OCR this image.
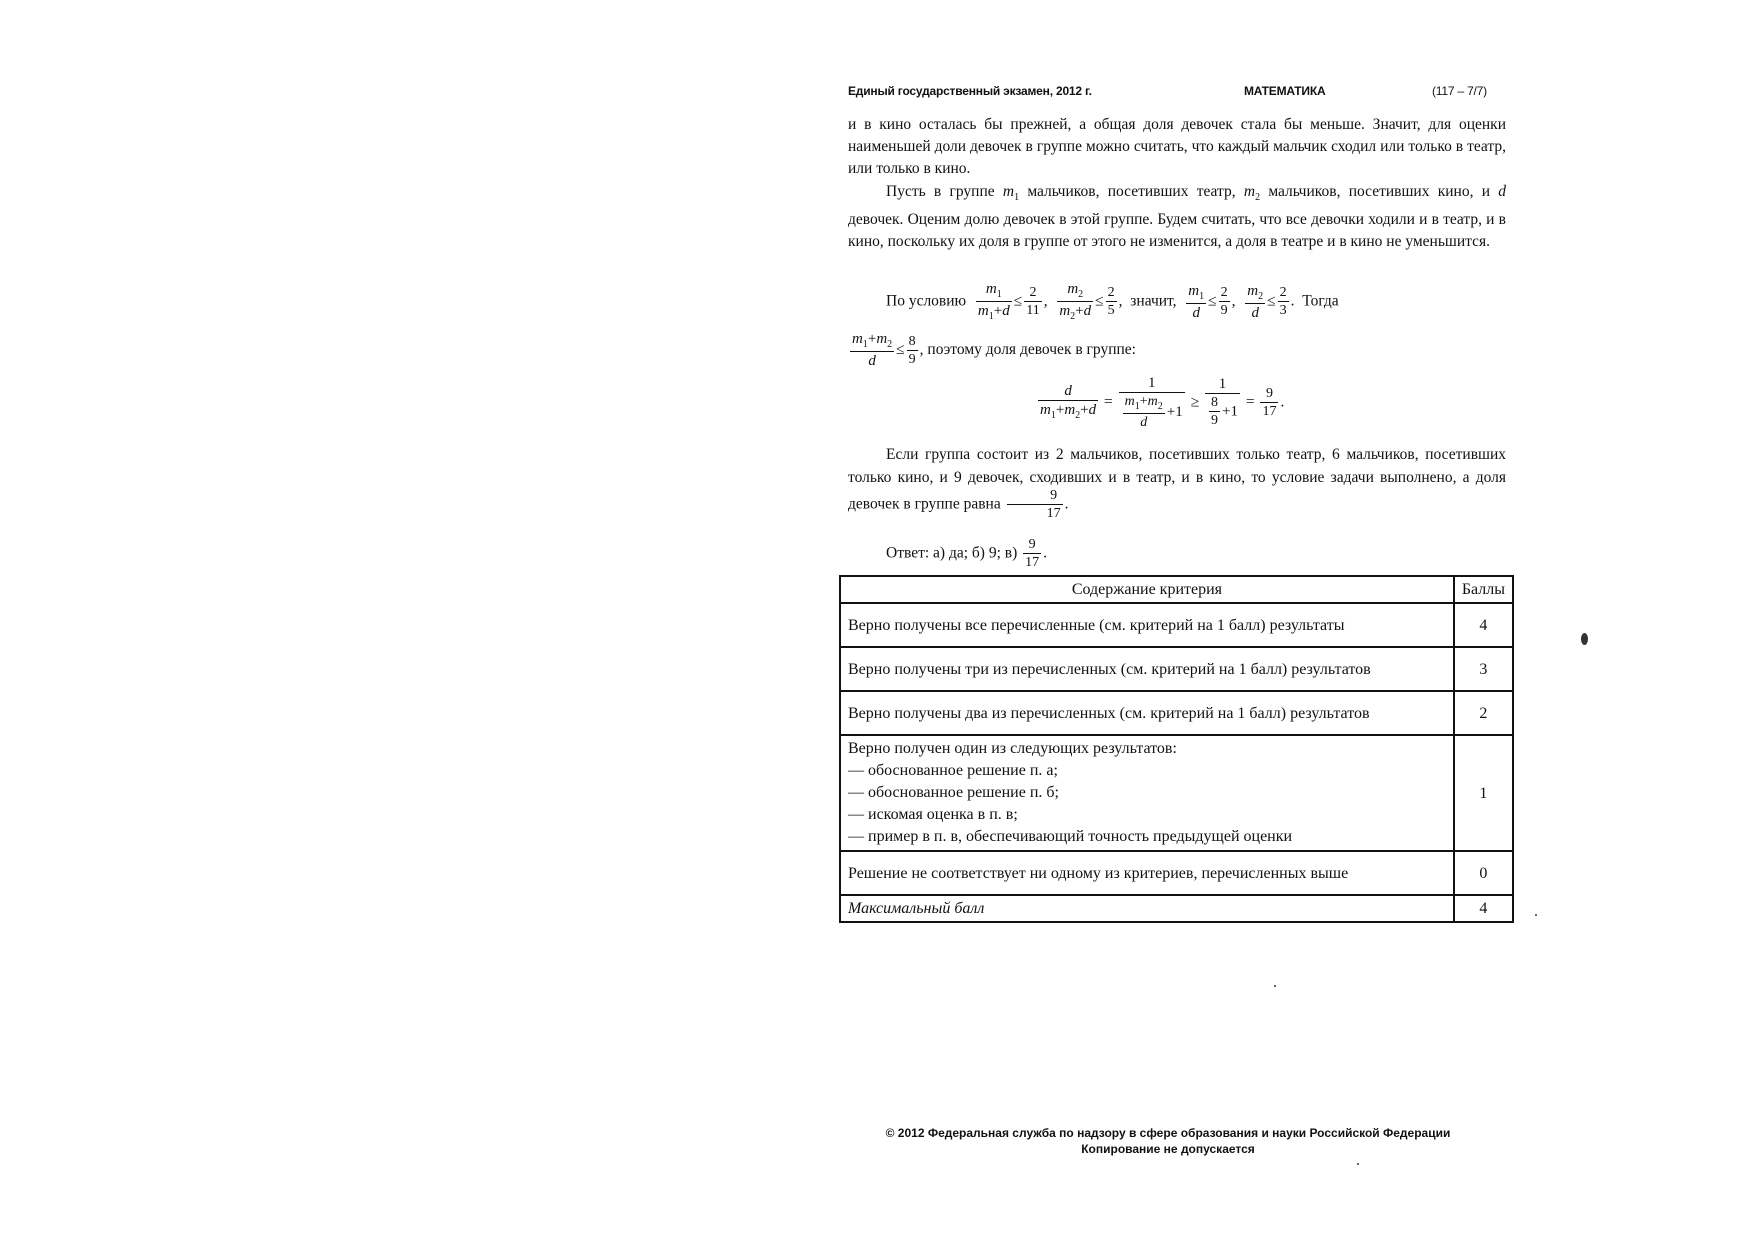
Единый государственный экзамен, 2012 г.	МАТЕМАТИКА	(117 – 7/7)
и в кино осталась бы прежней, а общая доля девочек стала бы меньше. Значит, для оценки наименьшей доли девочек в группе можно считать, что каждый мальчик сходил или только в театр, или только в кино.
Пусть в группе $m_1$ мальчиков, посетивших театр, $m_2$ мальчиков, посетивших кино, и d девочек. Оценим долю девочек в этой группе. Будем считать, что все девочки ходили и в театр, и в кино, поскольку их доля в группе от этого не изменится, а доля в театре и в кино не уменьшится.
По условию $\frac{m_1}{m_1+d} \le \frac{2}{11}$ , $\frac{m_2}{m_2+d} \le \frac{2}{5}$ ,  значит, $\frac{m_1}{d} \le \frac{2}{9}$ , $\frac{m_2}{d} \le \frac{2}{3}$ .  Тогда
$\frac{m_1+m_2}{d} \le \frac{8}{9}$ , поэтому доля девочек в группе:
$\frac{d}{m_1+m_2+d} = \frac{1}{\frac{m_1+m_2}{d} +1} \ge \frac{1}{\frac{8}{9} +1} = \frac{9}{17}$ .
Если группа состоит из 2 мальчиков, посетивших только театр, 6 мальчиков, посетивших только кино, и 9 девочек, сходивших и в театр, и в кино, то условие задачи выполнено, а доля девочек в группе равна $\frac{9}{17}$ .
Ответ: а) да; б) 9; $в) \frac{9}{17}$ .
Содержание критерия	Баллы
Верно получены все перечисленные (см. критерий на 1 балл) результаты	4
Верно получены три из перечисленных (см. критерий на 1 балл) результатов	3
Верно получены два из перечисленных (см. критерий на 1 балл) результатов	2

Верно получен один из следующих результатов:
— обоснованное решение п. а;
— обоснованное решение п. б;
— искомая оценка в п. в;
— пример в п. в, обеспечивающий точность предыдущей оценки	1
Решение не соответствует ни одному из критериев, перечисленных выше	0
Максимальный балл	4
© 2012 Федеральная служба по надзору в сфере образования и науки Российской Федерации
Копирование не допускается
